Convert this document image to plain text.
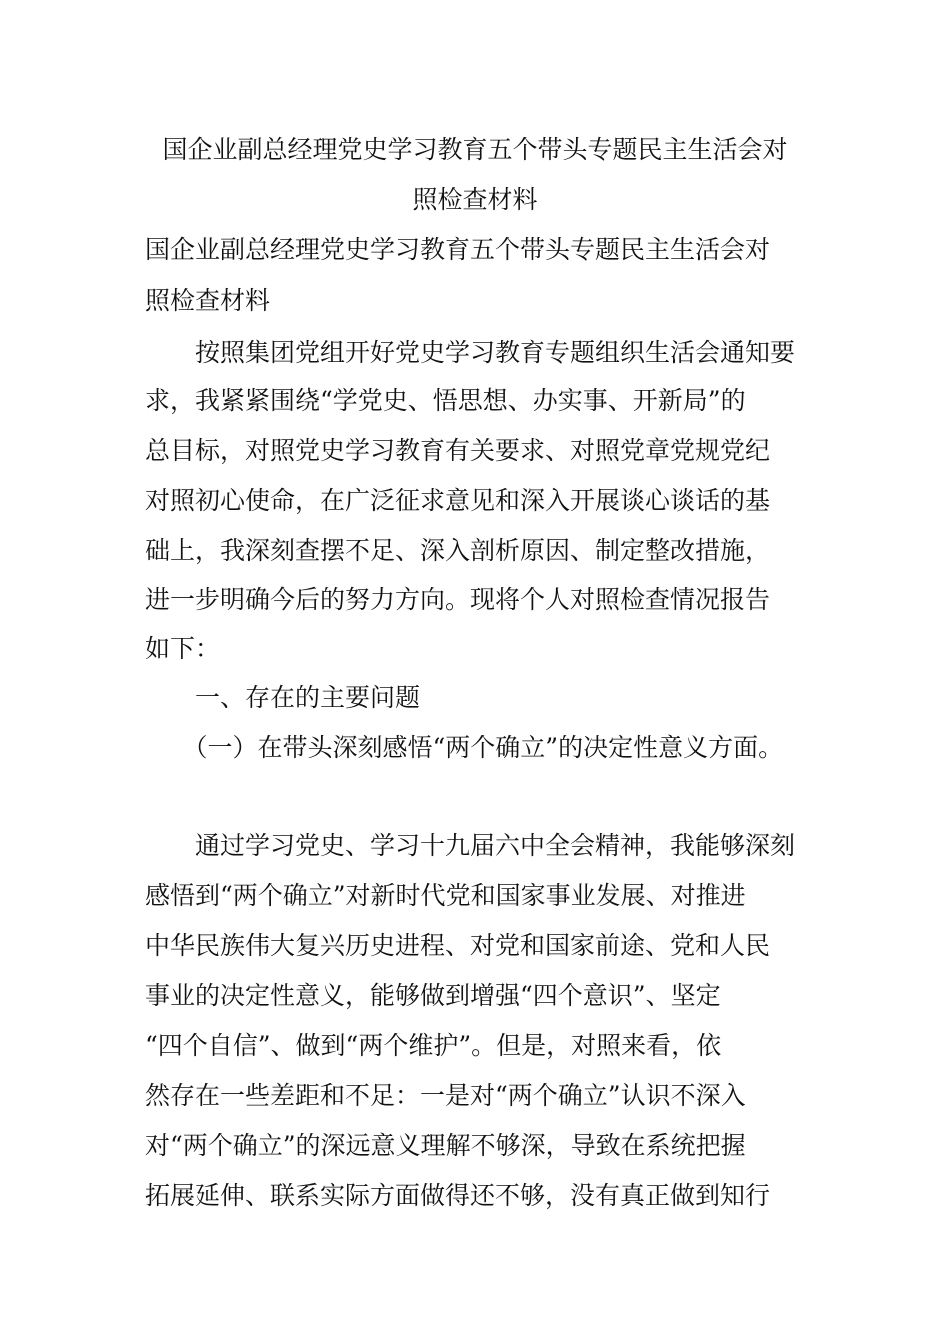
国企业副总经理党史学习教育五个带头专题民主生活会对
照检查材料
国企业副总经理党史学习教育五个带头专题民主生活会对
照检查材料
　　按照集团党组开好党史学习教育专题组织生活会通知要
求，我紧紧围绕“学党史、悟思想、办实事、开新局”的
总目标，对照党史学习教育有关要求、对照党章党规党纪
对照初心使命，在广泛征求意见和深入开展谈心谈话的基
础上，我深刻查摆不足、深入剖析原因、制定整改措施，
进一步明确今后的努力方向。现将个人对照检查情况报告
如下：
　　一、存在的主要问题
　　（一）在带头深刻感悟“两个确立”的决定性意义方面。
　　通过学习党史、学习十九届六中全会精神，我能够深刻
感悟到“两个确立”对新时代党和国家事业发展、对推进
中华民族伟大复兴历史进程、对党和国家前途、党和人民
事业的决定性意义，能够做到增强“四个意识”、坚定
“四个自信”、做到“两个维护”。但是，对照来看，依
然存在一些差距和不足：一是对“两个确立”认识不深入
对“两个确立”的深远意义理解不够深，导致在系统把握
拓展延伸、联系实际方面做得还不够，没有真正做到知行
